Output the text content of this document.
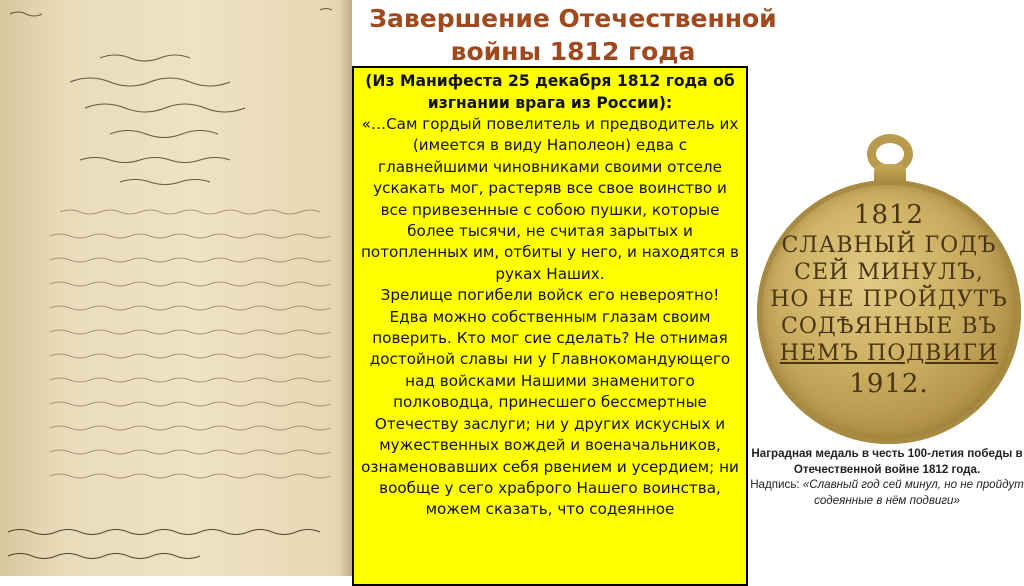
Завершение Отечественной войны 1812 года

(Из Манифеста 25 декабря 1812 года об изгнании врага из России):

«…Сам гордый повелитель и предводитель их (имеется в виду Наполеон) едва с главнейшими чиновниками своими отселе ускакать мог, растеряв все свое воинство и все привезенные с собою пушки, которые более тысячи, не считая зарытых и потопленных им, отбиты у него, и находятся в руках Наших.

Зрелище погибели войск его невероятно! Едва можно собственным глазам своим поверить. Кто мог сие сделать? Не отнимая достойной славы ни у Главнокомандующего над войсками Нашими знаменитого полководца, принесшего бессмертные Отечеству заслуги; ни у других искусных и мужественных вождей и военачальников, ознаменовавших себя рвением и усердием; ни вообще у сего храброго Нашего воинства, можем сказать, что содеянное

1812
СЛАВНЫЙ ГОДЪ
СЕЙ МИНУЛЪ,
НО НЕ ПРОЙДУТЪ
СОДѢЯННЫЕ ВЪ
НЕМЪ ПОДВИГИ
1912.
Наградная медаль в честь 100-летия победы в Отечественной войне 1812 года.
Надпись: «Славный год сей минул, но не пройдут содеянные в нём подвиги»
